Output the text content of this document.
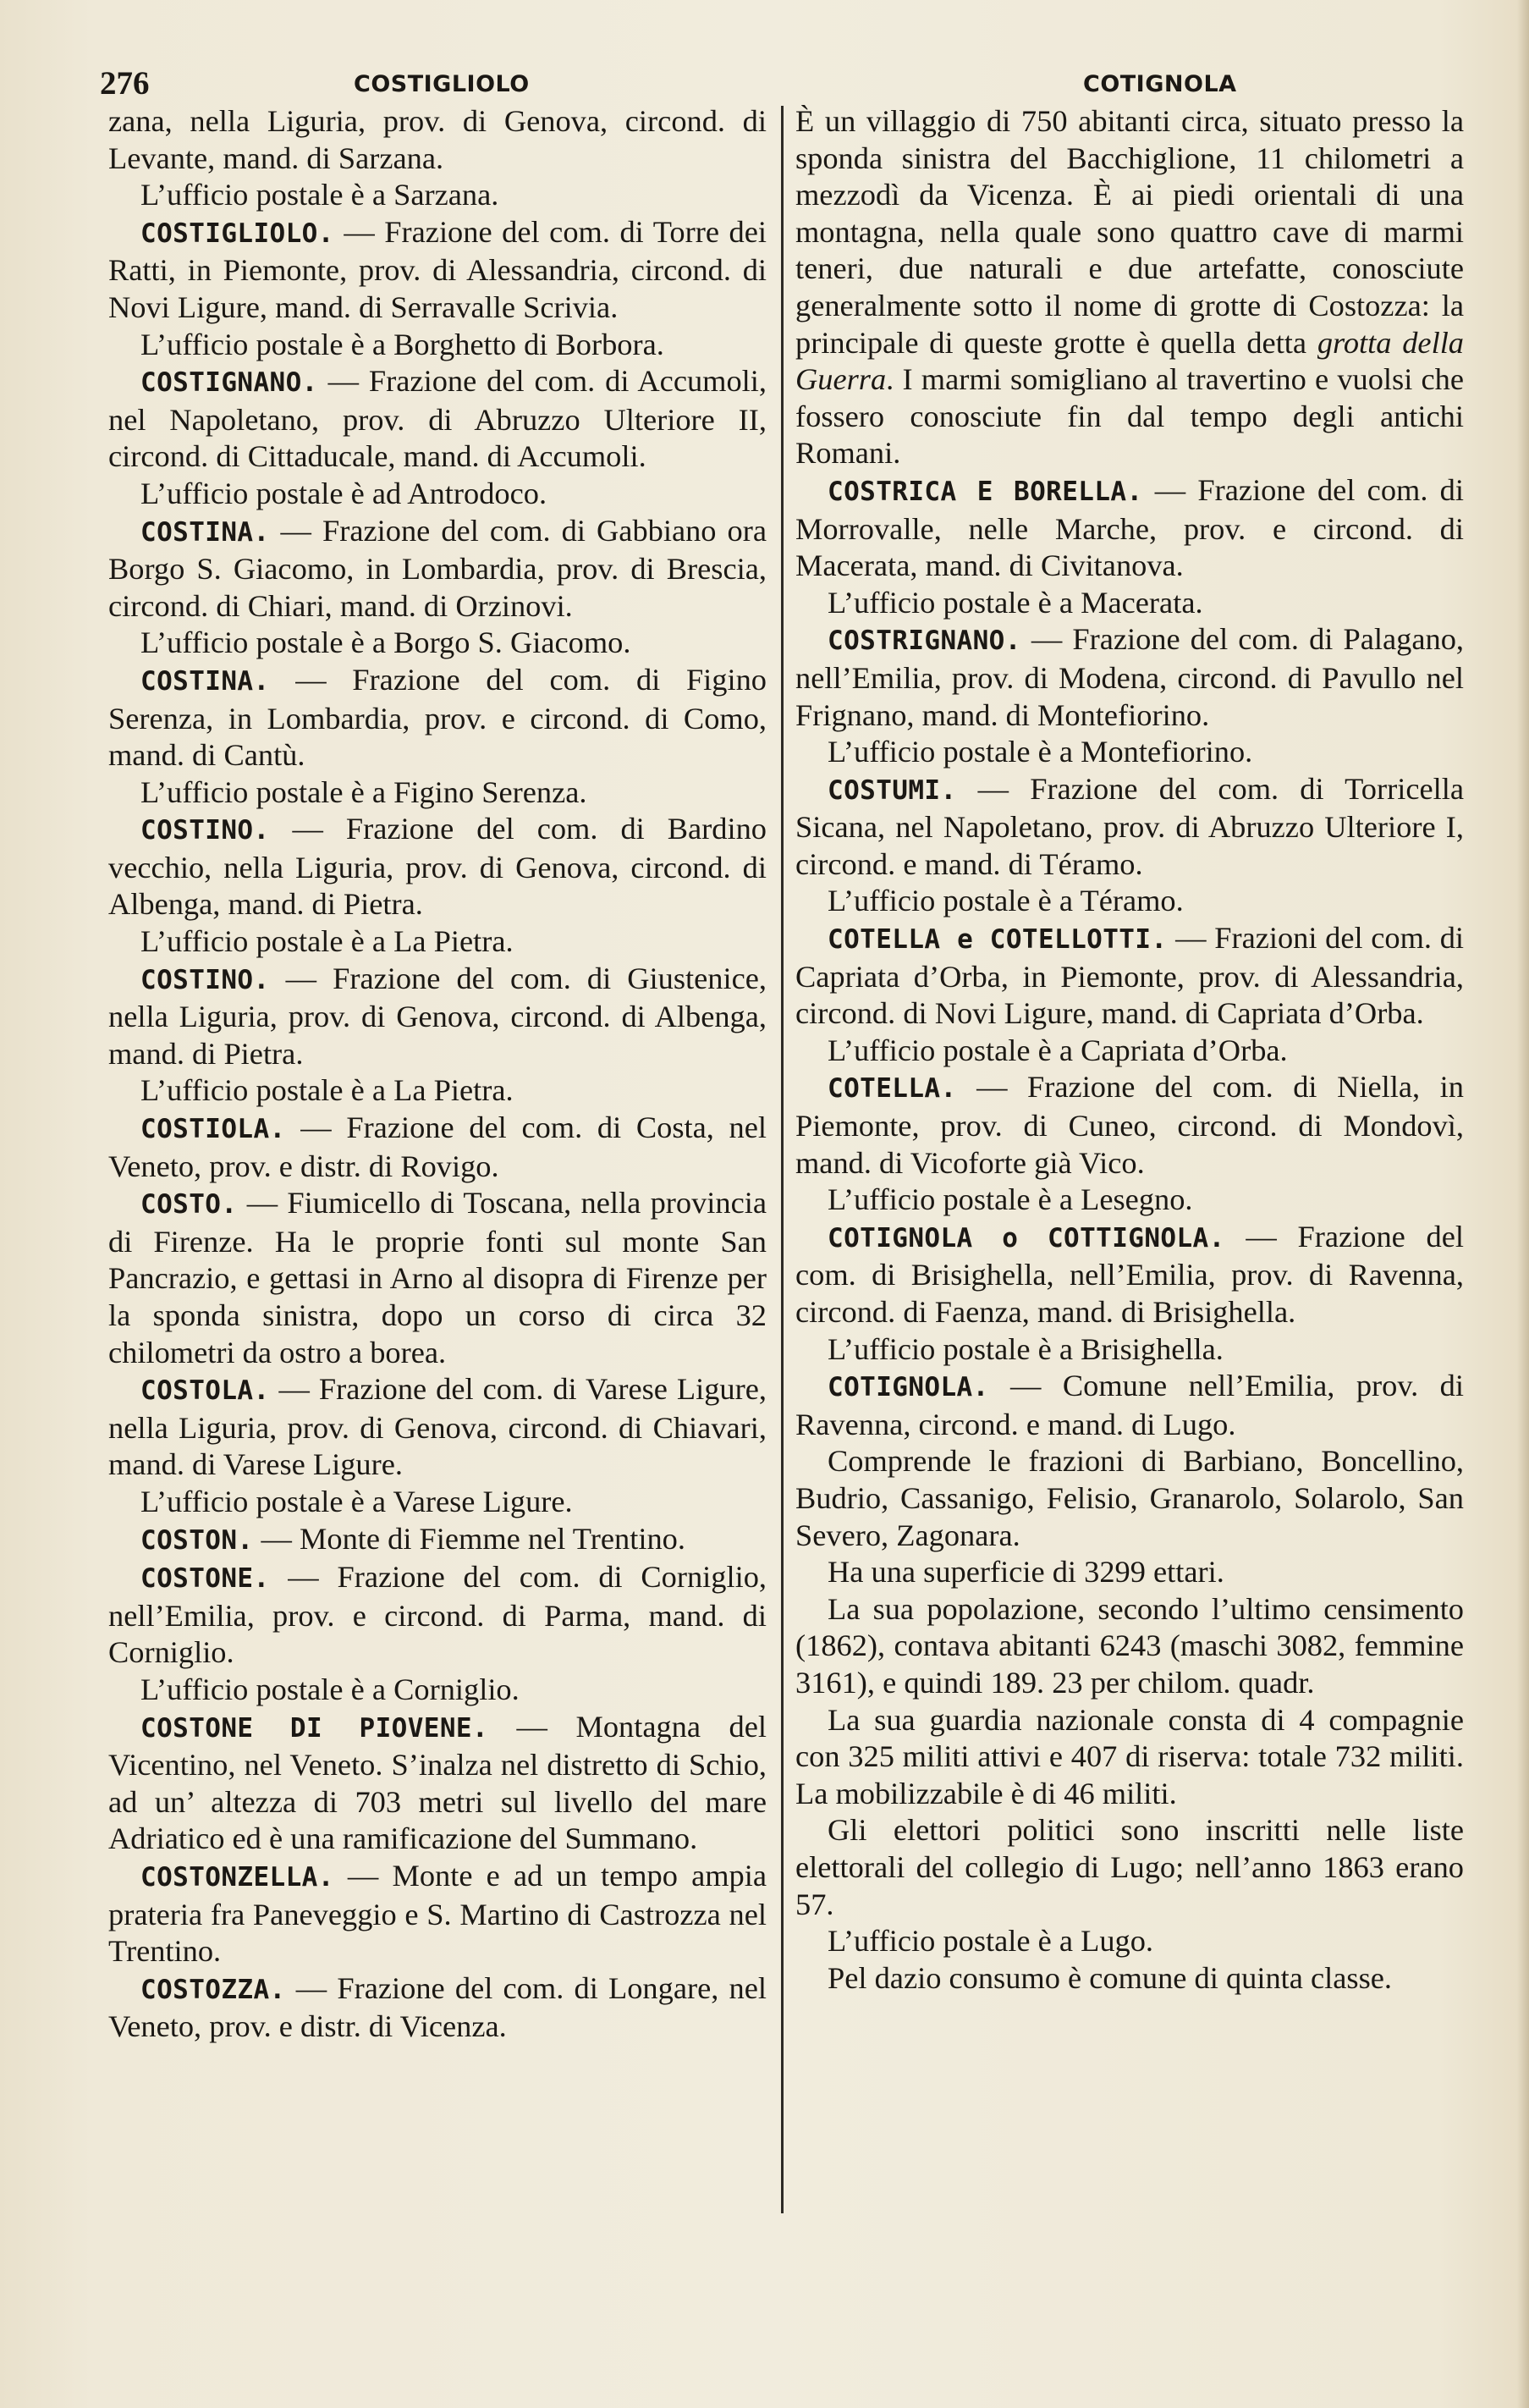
276	COSTIGLIOLO	COTIGNOLA

zana, nella Liguria, prov. di Genova, circond. di Levante, mand. di Sarzana.

L’ufficio postale è a Sarzana.

COSTIGLIOLO. — Frazione del com. di Torre dei Ratti, in Piemonte, prov. di Alessandria, circond. di Novi Ligure, mand. di Serravalle Scrivia.

L’ufficio postale è a Borghetto di Borbora.

COSTIGNANO. — Frazione del com. di Accumoli, nel Napoletano, prov. di Abruzzo Ulteriore II, circond. di Cittaducale, mand. di Accumoli.

L’ufficio postale è ad Antrodoco.

COSTINA. — Frazione del com. di Gabbiano ora Borgo S. Giacomo, in Lombardia, prov. di Brescia, circond. di Chiari, mand. di Orzinovi.

L’ufficio postale è a Borgo S. Giacomo.

COSTINA. — Frazione del com. di Figino Serenza, in Lombardia, prov. e circond. di Como, mand. di Cantù.

L’ufficio postale è a Figino Serenza.

COSTINO. — Frazione del com. di Bardino vecchio, nella Liguria, prov. di Genova, circond. di Albenga, mand. di Pietra.

L’ufficio postale è a La Pietra.

COSTINO. — Frazione del com. di Giustenice, nella Liguria, prov. di Genova, circond. di Albenga, mand. di Pietra.

L’ufficio postale è a La Pietra.

COSTIOLA. — Frazione del com. di Costa, nel Veneto, prov. e distr. di Rovigo.

COSTO. — Fiumicello di Toscana, nella provincia di Firenze. Ha le proprie fonti sul monte San Pancrazio, e gettasi in Arno al disopra di Firenze per la sponda sinistra, dopo un corso di circa 32 chilometri da ostro a borea.

COSTOLA. — Frazione del com. di Varese Ligure, nella Liguria, prov. di Genova, circond. di Chiavari, mand. di Varese Ligure.

L’ufficio postale è a Varese Ligure.

COSTON. — Monte di Fiemme nel Trentino.

COSTONE. — Frazione del com. di Corniglio, nell’Emilia, prov. e circond. di Parma, mand. di Corniglio.

L’ufficio postale è a Corniglio.

COSTONE DI PIOVENE. — Montagna del Vicentino, nel Veneto. S’inalza nel distretto di Schio, ad un’ altezza di 703 metri sul livello del mare Adriatico ed è una ramificazione del Summano.

COSTONZELLA. — Monte e ad un tempo ampia prateria fra Paneveggio e S. Martino di Castrozza nel Trentino.

COSTOZZA. — Frazione del com. di Longare, nel Veneto, prov. e distr. di Vicenza.

È un villaggio di 750 abitanti circa, situato presso la sponda sinistra del Bacchiglione, 11 chilometri a mezzodì da Vicenza. È ai piedi orientali di una montagna, nella quale sono quattro cave di marmi teneri, due naturali e due artefatte, conosciute generalmente sotto il nome di grotte di Costozza: la principale di queste grotte è quella detta grotta della Guerra. I marmi somigliano al travertino e vuolsi che fossero conosciute fin dal tempo degli antichi Romani.

COSTRICA E BORELLA. — Frazione del com. di Morrovalle, nelle Marche, prov. e circond. di Macerata, mand. di Civitanova.

L’ufficio postale è a Macerata.

COSTRIGNANO. — Frazione del com. di Palagano, nell’Emilia, prov. di Modena, circond. di Pavullo nel Frignano, mand. di Montefiorino.

L’ufficio postale è a Montefiorino.

COSTUMI. — Frazione del com. di Torricella Sicana, nel Napoletano, prov. di Abruzzo Ulteriore I, circond. e mand. di Téramo.

L’ufficio postale è a Téramo.

COTELLA e COTELLOTTI. — Frazioni del com. di Capriata d’Orba, in Piemonte, prov. di Alessandria, circond. di Novi Ligure, mand. di Capriata d’Orba.

L’ufficio postale è a Capriata d’Orba.

COTELLA. — Frazione del com. di Niella, in Piemonte, prov. di Cuneo, circond. di Mondovì, mand. di Vicoforte già Vico.

L’ufficio postale è a Lesegno.

COTIGNOLA o COTTIGNOLA. — Frazione del com. di Brisighella, nell’Emilia, prov. di Ravenna, circond. di Faenza, mand. di Brisighella.

L’ufficio postale è a Brisighella.

COTIGNOLA. — Comune nell’Emilia, prov. di Ravenna, circond. e mand. di Lugo.

Comprende le frazioni di Barbiano, Boncellino, Budrio, Cassanigo, Felisio, Granarolo, Solarolo, San Severo, Zagonara.

Ha una superficie di 3299 ettari.

La sua popolazione, secondo l’ultimo censimento (1862), contava abitanti 6243 (maschi 3082, femmine 3161), e quindi 189. 23 per chilom. quadr.

La sua guardia nazionale consta di 4 compagnie con 325 militi attivi e 407 di riserva: totale 732 militi. La mobilizzabile è di 46 militi.

Gli elettori politici sono inscritti nelle liste elettorali del collegio di Lugo; nell’anno 1863 erano 57.

L’ufficio postale è a Lugo.

Pel dazio consumo è comune di quinta classe.
